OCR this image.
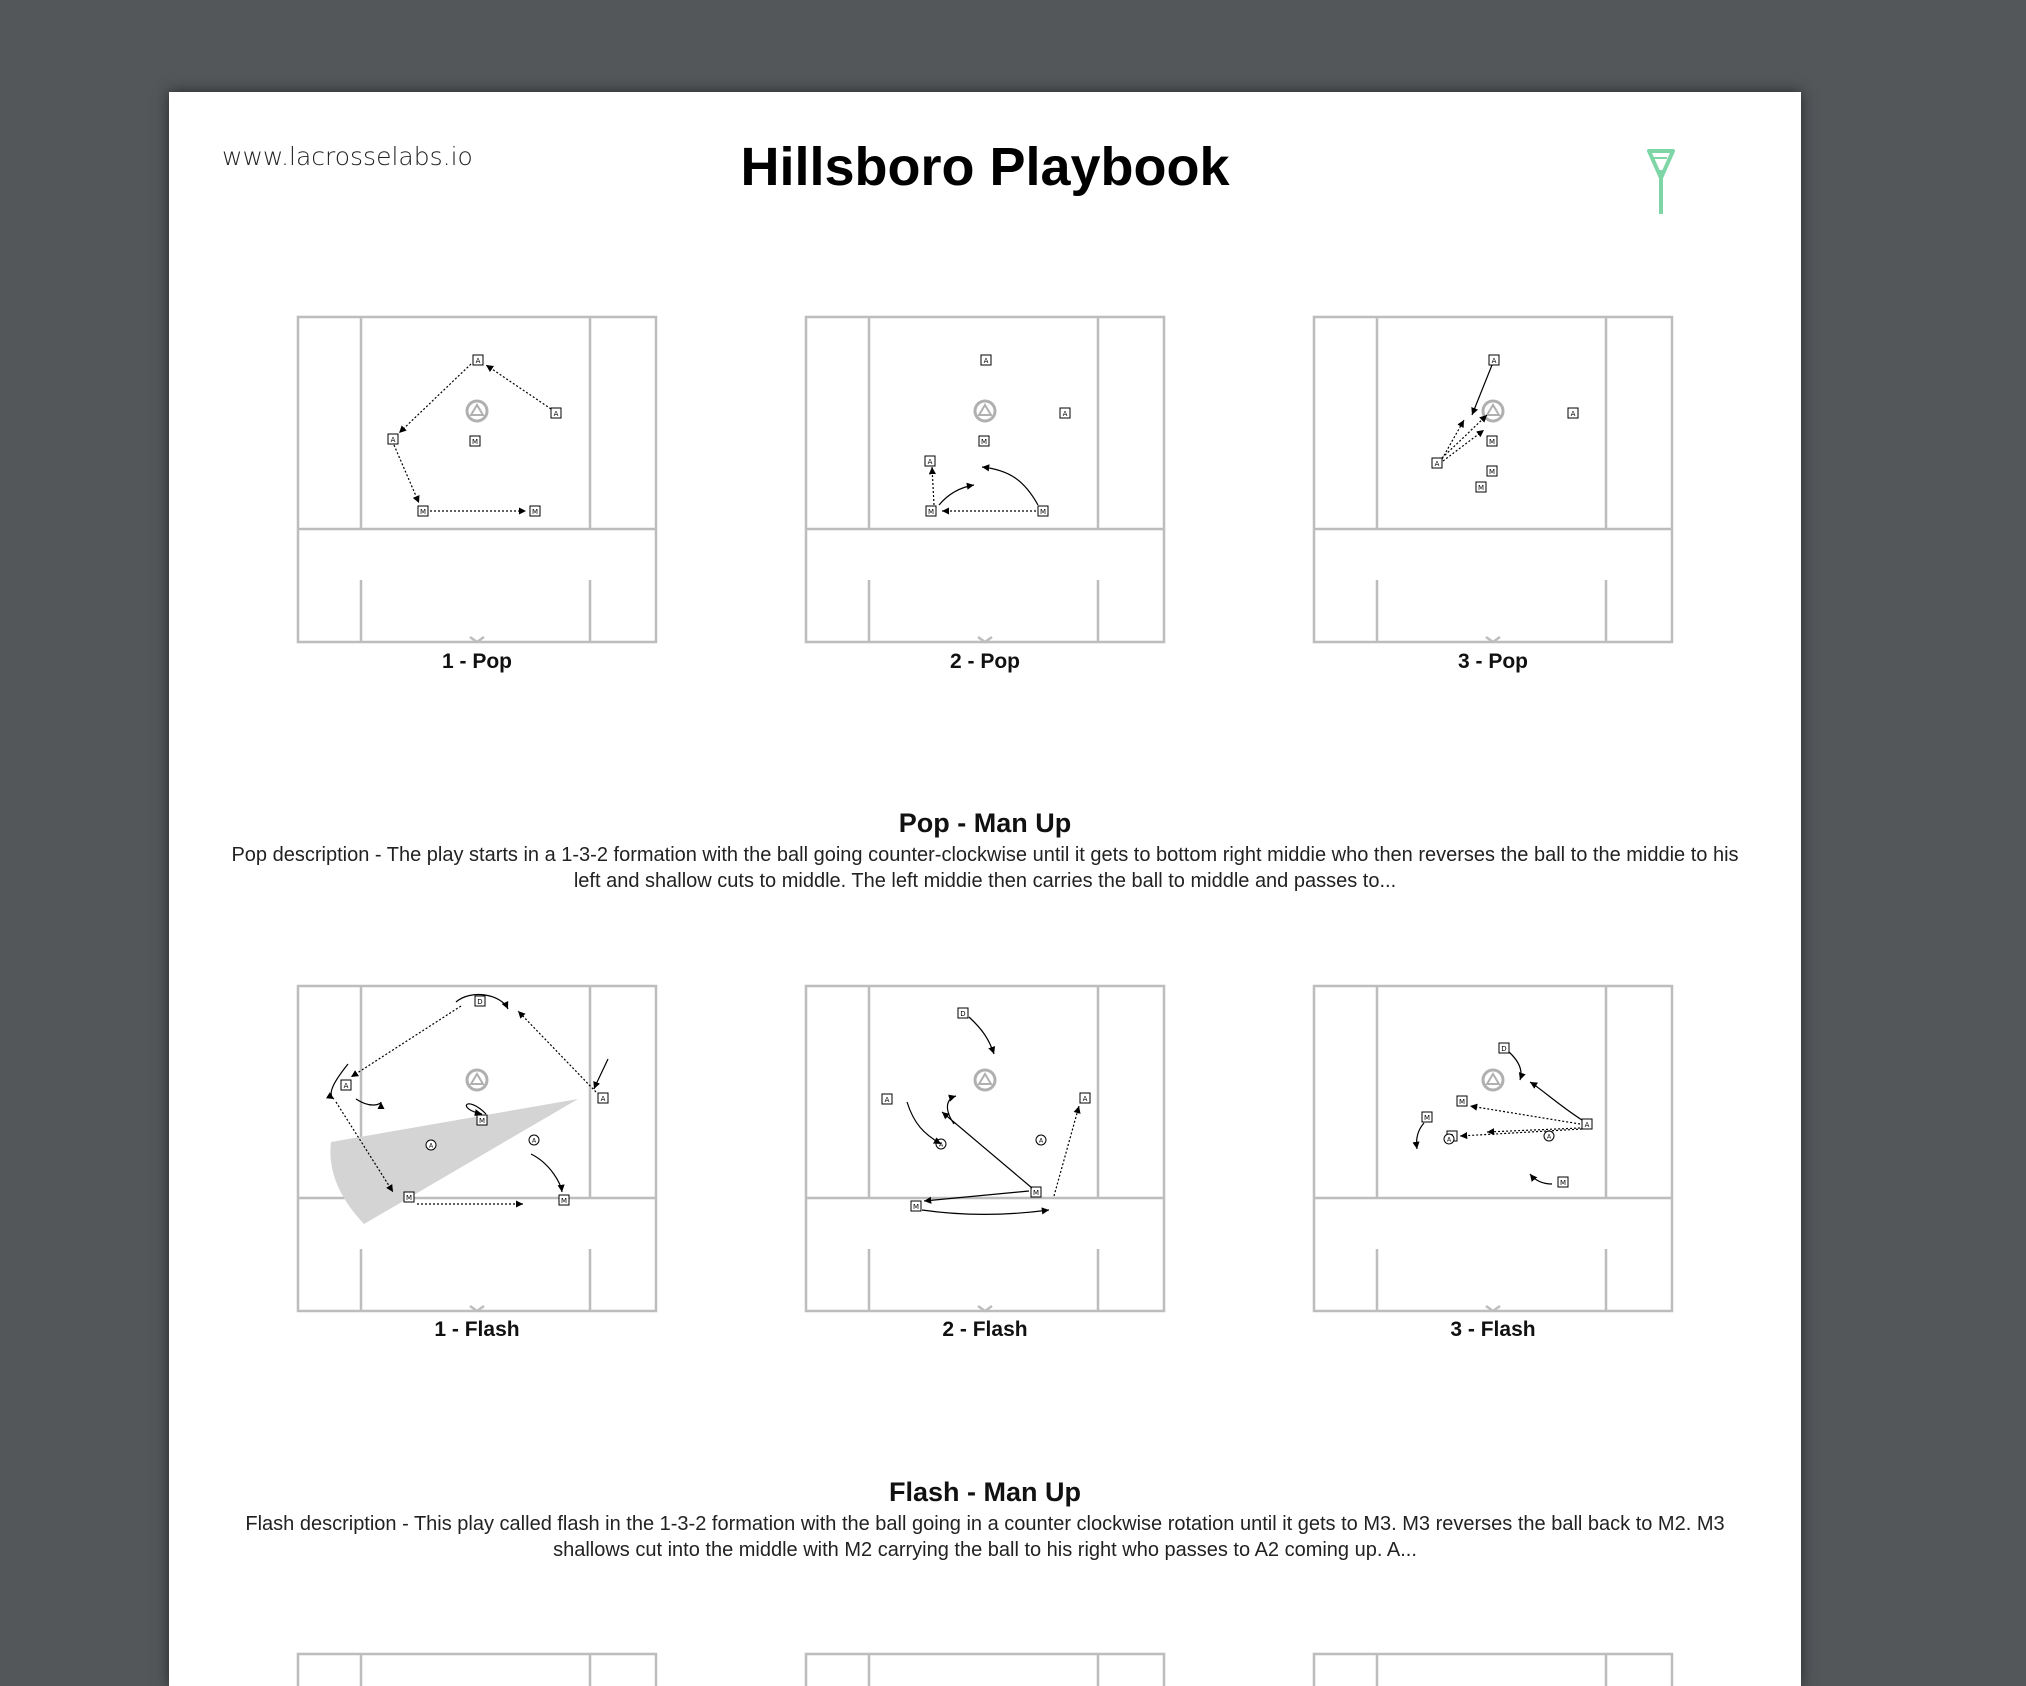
www.lacrosselabs.io	Hillsboro Playbook
A
A
A	M
M	M
A
A
A
M
M	M
A
A
A
M
M
M
1 - Pop	2 - Pop	3 - Pop
Pop - Man Up
Pop description - The play starts in a 1-3-2 formation with the ball going counter-clockwise until it gets to bottom right middie who then reverses the ball to the middie to his left and shallow cuts to middle. The left middie then carries the ball to middle and passes to...
D
A
A
M
M	M
A
A
D
A	A
M
M
A
A
D
M
M
A
M
A	A
1 - Flash	2 - Flash	3 - Flash
Flash - Man Up
Flash description - This play called flash in the 1-3-2 formation with the ball going in a counter clockwise rotation until it gets to M3. M3 reverses the ball back to M2. M3 shallows cut into the middle with M2 carrying the ball to his right who passes to A2 coming up. A...
